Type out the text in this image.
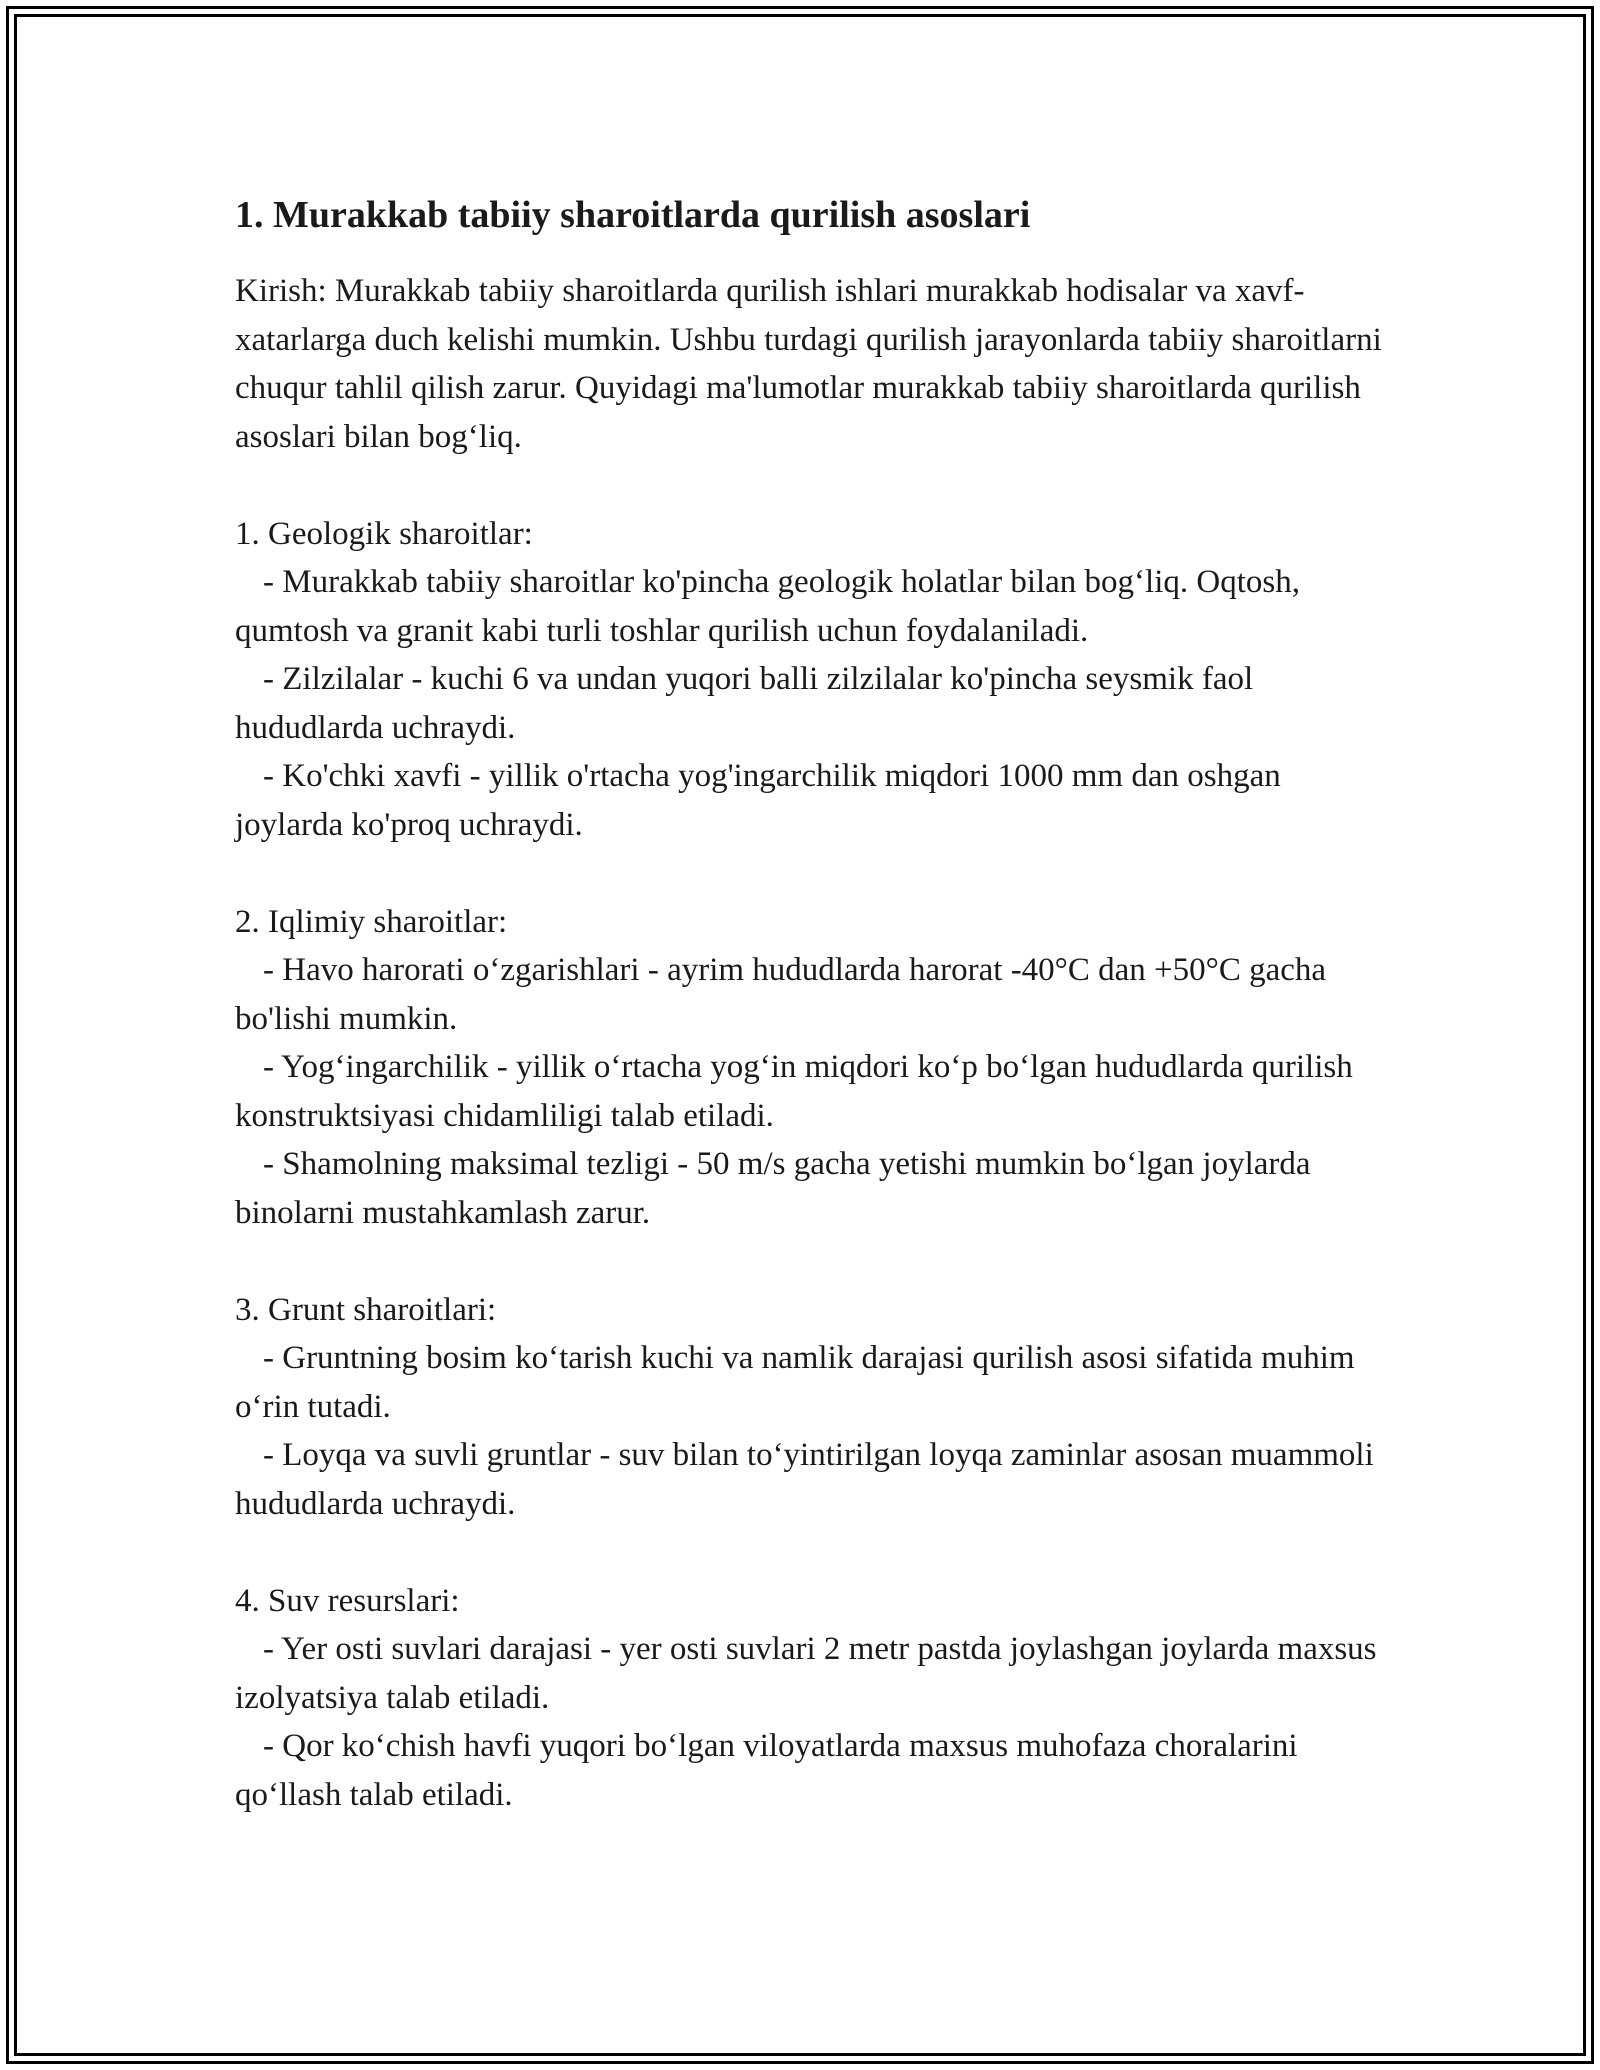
1. Murakkab tabiiy sharoitlarda qurilish asoslari

Kirish: Murakkab tabiiy sharoitlarda qurilish ishlari murakkab hodisalar va xavf-xatarlarga duch kelishi mumkin. Ushbu turdagi qurilish jarayonlarda tabiiy sharoitlarni chuqur tahlil qilish zarur. Quyidagi ma'lumotlar murakkab tabiiy sharoitlarda qurilish asoslari bilan bog‘liq.

1. Geologik sharoitlar:

- Murakkab tabiiy sharoitlar ko'pincha geologik holatlar bilan bog‘liq. Oqtosh, qumtosh va granit kabi turli toshlar qurilish uchun foydalaniladi.

- Zilzilalar - kuchi 6 va undan yuqori balli zilzilalar ko'pincha seysmik faol hududlarda uchraydi.

- Ko'chki xavfi - yillik o'rtacha yog'ingarchilik miqdori 1000 mm dan oshgan joylarda ko'proq uchraydi.

2. Iqlimiy sharoitlar:

- Havo harorati o‘zgarishlari - ayrim hududlarda harorat -40°C dan +50°C gacha bo'lishi mumkin.

- Yog‘ingarchilik - yillik o‘rtacha yog‘in miqdori ko‘p bo‘lgan hududlarda qurilish konstruktsiyasi chidamliligi talab etiladi.

- Shamolning maksimal tezligi - 50 m/s gacha yetishi mumkin bo‘lgan joylarda binolarni mustahkamlash zarur.

3. Grunt sharoitlari:

- Gruntning bosim ko‘tarish kuchi va namlik darajasi qurilish asosi sifatida muhim o‘rin tutadi.

- Loyqa va suvli gruntlar - suv bilan to‘yintirilgan loyqa zaminlar asosan muammoli hududlarda uchraydi.

4. Suv resurslari:

- Yer osti suvlari darajasi - yer osti suvlari 2 metr pastda joylashgan joylarda maxsus izolyatsiya talab etiladi.

- Qor ko‘chish havfi yuqori bo‘lgan viloyatlarda maxsus muhofaza choralarini qo‘llash talab etiladi.
